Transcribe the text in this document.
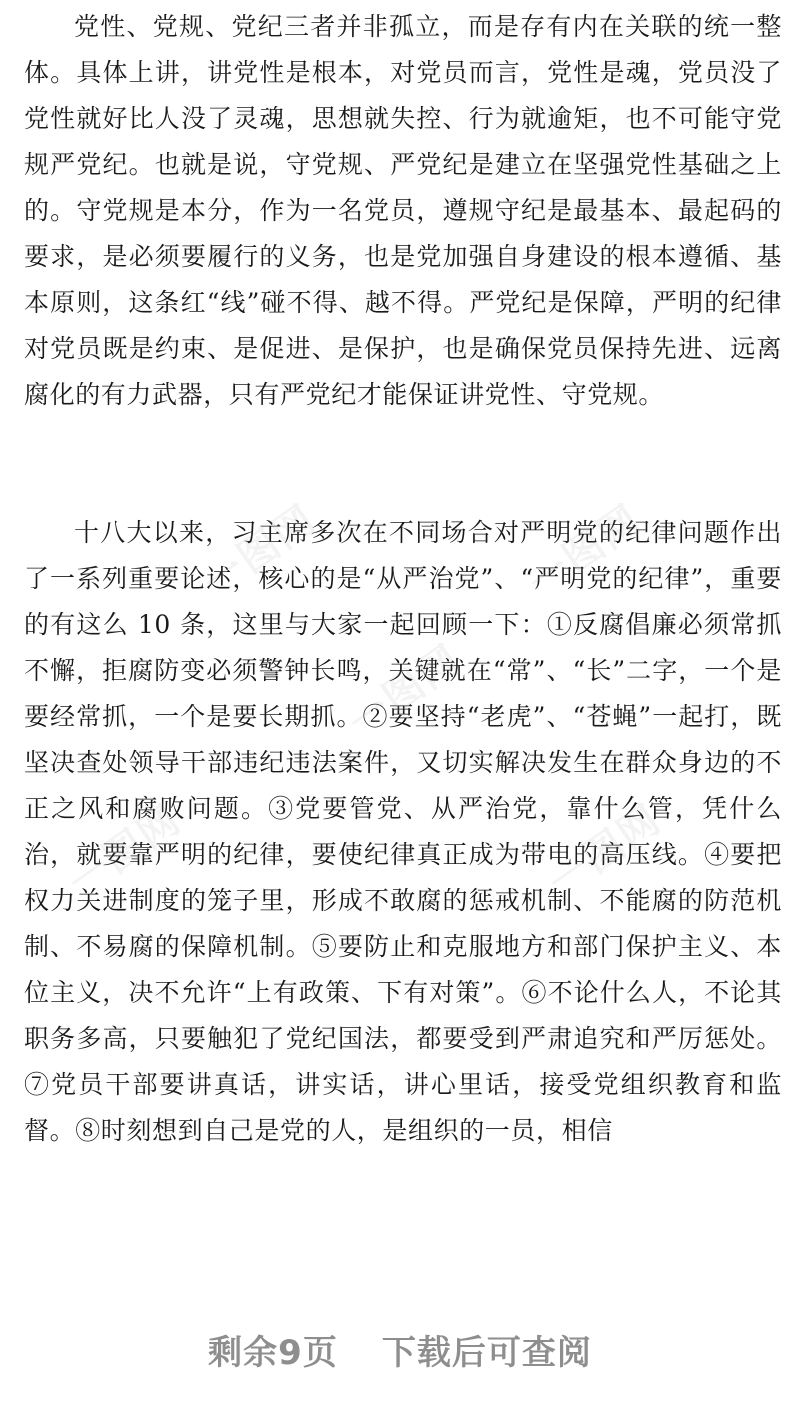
党性、党规、党纪三者并非孤立，而是存有内在关联的统一整体。具体上讲，讲党性是根本，对党员而言，党性是魂，党员没了党性就好比人没了灵魂，思想就失控、行为就逾矩，也不可能守党规严党纪。也就是说，守党规、严党纪是建立在坚强党性基础之上的。守党规是本分，作为一名党员，遵规守纪是最基本、最起码的要求，是必须要履行的义务，也是党加强自身建设的根本遵循、基本原则，这条红“线”碰不得、越不得。严党纪是保障，严明的纪律对党员既是约束、是促进、是保护，也是确保党员保持先进、远离腐化的有力武器，只有严党纪才能保证讲党性、守党规。

十八大以来，习主席多次在不同场合对严明党的纪律问题作出了一系列重要论述，核心的是“从严治党”、“严明党的纪律”，重要的有这么 10 条，这里与大家一起回顾一下：①反腐倡廉必须常抓不懈，拒腐防变必须警钟长鸣，关键就在“常”、“长”二字，一个是要经常抓，一个是要长期抓。②要坚持“老虎”、“苍蝇”一起打，既坚决查处领导干部违纪违法案件，又切实解决发生在群众身边的不正之风和腐败问题。③党要管党、从严治党，靠什么管，凭什么治，就要靠严明的纪律，要使纪律真正成为带电的高压线。④要把权力关进制度的笼子里，形成不敢腐的惩戒机制、不能腐的防范机制、不易腐的保障机制。⑤要防止和克服地方和部门保护主义、本位主义，决不允许“上有政策、下有对策”。⑥不论什么人，不论其职务多高，只要触犯了党纪国法，都要受到严肃追究和严厉惩处。⑦党员干部要讲真话，讲实话，讲心里话，接受党组织教育和监督。⑧时刻想到自己是党的人，是组织的一员，相信

一图网	一图网
一图网
一图网	一图网
剩余9页 下载后可查阅
